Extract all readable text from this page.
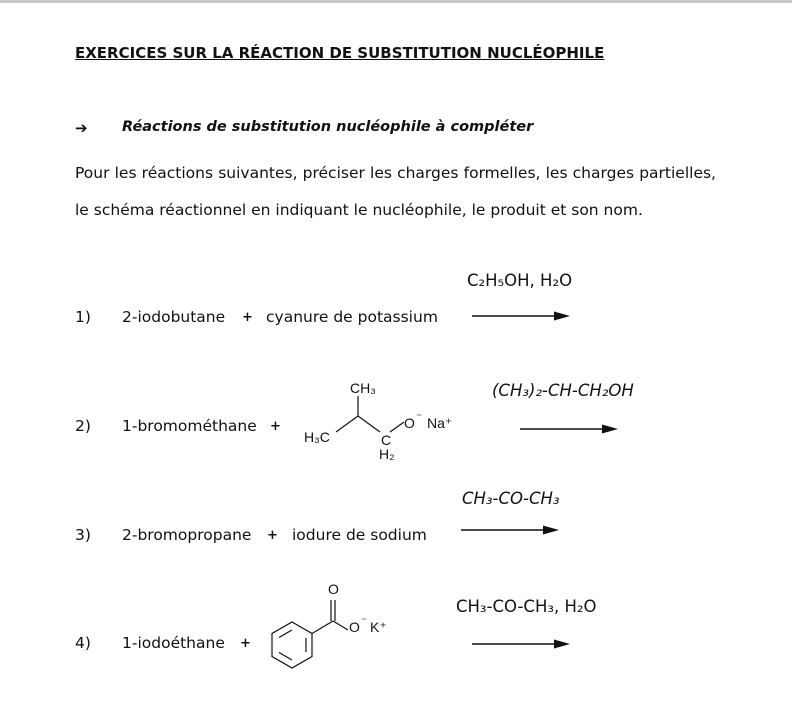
EXERCICES SUR LA RÉACTION DE SUBSTITUTION NUCLÉOPHILE
➔ Réactions de substitution nucléophile à compléter
Pour les réactions suivantes, préciser les charges formelles, les charges partielles, le schéma réactionnel en indiquant le nucléophile, le produit et son nom.
1) 2-iodobutane + cyanure de potassium
C₂H₅OH, H₂O
2) 1-bromométhane +
CH₃
H₃C	C
H₂
O ⁻ Na⁺
(CH₃)₂-CH-CH₂OH
3) 2-bromopropane + iodure de sodium
CH₃-CO-CH₃
4) 1-iodoéthane +
O
O ⁻ K⁺
CH₃-CO-CH₃, H₂O
